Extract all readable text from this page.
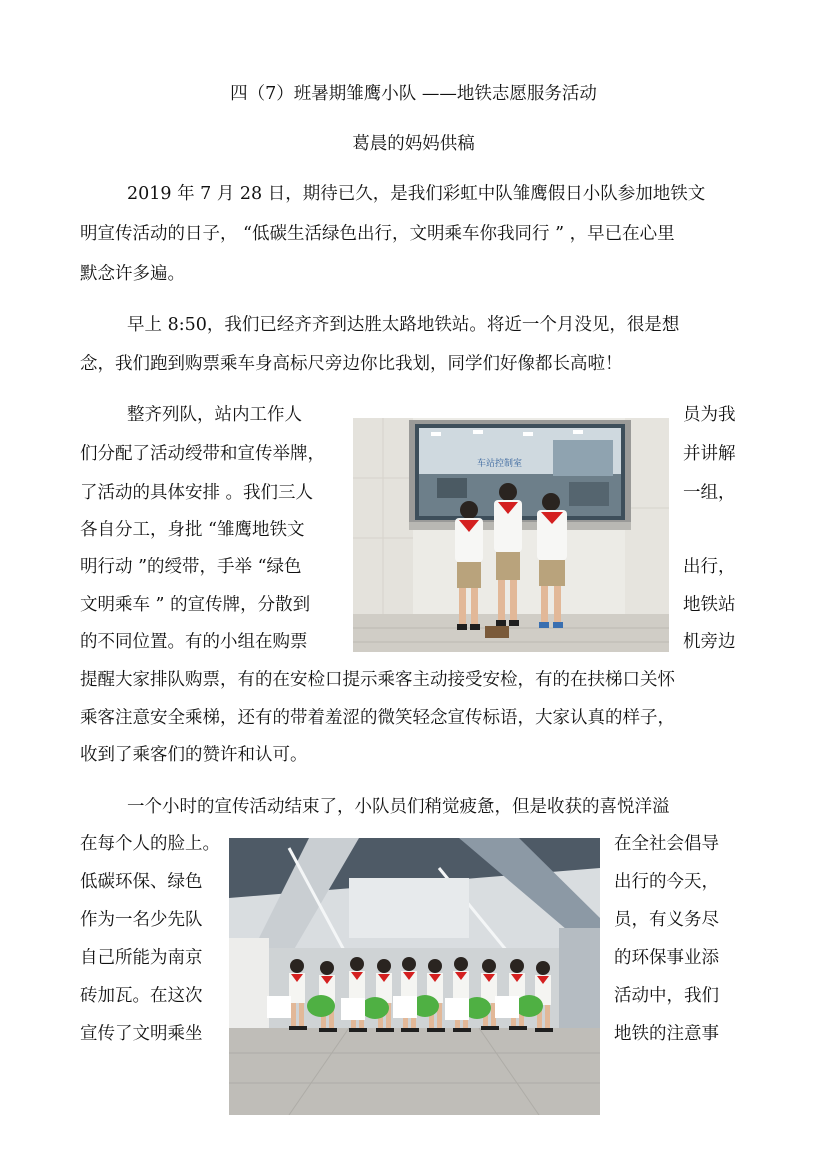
四（7）班暑期雏鹰小队 ——地铁志愿服务活动
葛晨的妈妈供稿
2019 年 7 月 28 日，期待已久，是我们彩虹中队雏鹰假日小队参加地铁文
明宣传活动的日子， “低碳生活绿色出行，文明乘车你我同行 ” ，早已在心里
默念许多遍。
早上 8:50，我们已经齐齐到达胜太路地铁站。将近一个月没见，很是想
念，我们跑到购票乘车身高标尺旁边你比我划，同学们好像都长高啦！
整齐列队，站内工作人
们分配了活动绶带和宣传举牌，
了活动的具体安排 。我们三人
各自分工，身批 “雏鹰地铁文
明行动 ”的绶带，手举 “绿色
文明乘车 ” 的宣传牌，分散到
的不同位置。有的小组在购票
员为我
并讲解
一组，
出行，
地铁站
机旁边
车站控制室
提醒大家排队购票，有的在安检口提示乘客主动接受安检，有的在扶梯口关怀
乘客注意安全乘梯，还有的带着羞涩的微笑轻念宣传标语，大家认真的样子，
收到了乘客们的赞许和认可。
一个小时的宣传活动结束了，小队员们稍觉疲惫，但是收获的喜悦洋溢
在每个人的脸上。
低碳环保、绿色
作为一名少先队
自己所能为南京
砖加瓦。在这次
宣传了文明乘坐
在全社会倡导
出行的今天，
员，有义务尽
的环保事业添
活动中，我们
地铁的注意事
